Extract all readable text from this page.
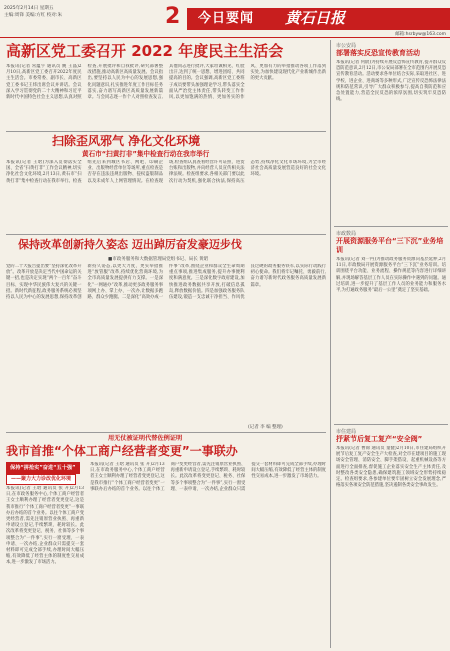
2025年2月14日 星期五
主编:周锋 美编:方红 校对:朱	2 今日要闻 黄石日报
邮箱:hsrbyw@163.com
高新区党工委召开 2022 年度民主生活会
本报讯(记者 常蕴宇 通讯员 姚 王晶)2月10日,高新区党工委召开2022年度民主生活会。市委常委、副市长、高新区党工委书记王炜出席会议并讲话。会议深入学习贯彻党的二十大精神和习近平新时代中国特色社会主义思想,认真对照检查,开展批评和自我批评,研究部署整改措施,推动高新区高质量发展。会议指出,要坚持以人民为中心的发展思想,强化问题意识,扎实推进年度工作目标任务落实,奋力谱写高新区高质量发展新篇章。与会同志逐一作个人对照检查发言,其他同志进行批评,大家坦诚相见、红脸出汗,达到了统一思想、增进团结、共同提高的目的。会议强调,高新区党工委班子成员要带头加强理论学习,带头落实全面从严治党主体责任,带头转变工作作风,以更加饱满的热情、更加务实的作风、更加有力的举措推动各项工作落到实处,为加快建设现代化产业新城作出新的更大贡献。
扫除歪风邪气 净化文化环境
黄石市“扫黄打非”集中检查行动在我市举行
本报讯(记者 王晗)为深入贯彻落实全国、全省“扫黄打非”工作会议精神,切实净化社会文化环境,2月13日,黄石市“扫黄打非”集中检查行动在我市举行。检查组先后来到城区书店、网吧、印刷企业、出版物经营单位等场所,重点检查是否存在违法违规出版物、侵权盗版制品以及未成年人上网管理情况。在检查现场,检查组认真查看经营许可证照、进货台账和出版物,并向经营人员宣传相关法律法规。检查组要求,各相关部门要以此次行动为契机,强化联合执法,保持高压态势,持续净化文化市场环境,为全市经济社会高质量发展营造良好的社会文化环境。
保持改革创新持久姿态 迈出踔厉奋发豪迈步伐
■市政务服务和大数据管理局党组书记、局长 黄昭
党的二十大报告提出要“坚持深化改革开放”。改革开放是决定当代中国命运的关键一招,也是决定实现“两个一百年”奋斗目标、实现中华民族伟大复兴的关键一招。新时代新征程,政务服务系统必须坚持以人民为中心的发展思想,保持改革创新持久姿态,以更大力度、更实举措推进“放管服”改革,持续优化营商环境,为全市高质量发展提供有力支撑。一是深化“一网通办”改革,推动更多政务服务事项网上办、掌上办、一次办,让数据多跑路、群众少跑腿。二是深化“高效办成一件事”改革,围绕企业和群众全生命周期重点事项,推进集成服务,提升办事便利度和满意度。三是深化数字政府建设,加快推进政务数据共享开放,打破信息孤岛,释放数据价值。四是加强政务服务队伍建设,锻造一支忠诚干净担当、作风优良过硬的政务服务铁军,以实际行动践行初心使命。我们将牢记嘱托、勇毅前行,奋力谱写新时代政务服务高质量发展新篇章。
(记者 李 编 整理)
用无仗被证明代替佐例证明
我市首推“个体工商户经营者变更”一事联办
保持“拼抢实”奋进“五十强”
——聚力大力诊改优化环境
本报讯(记者 王晗 通讯员 张 开)2月13日,在市政务服务中心,个体工商户经营者王女士顺利办理了经营者变更登记,这是我市推行“个体工商户经营者变更”一事联办后办结的首个业务。以往个体工商户变更经营者,需先注销原营业执照、再重新申请设立登记,手续繁琐、耗时较长。此次改革将变更登记、税务、社保等多个事项整合为“一件事”,实行一窗受理、一表申请、一次办结,企业群众只需提交一套材料即可完成全部手续,办理时间大幅压缩,有效降低了经营主体的制度性交易成本,进一步激发了市场活力。
本报讯(记者 王晗 通讯员 张 开)2月13日,在市政务服务中心,个体工商户经营者王女士顺利办理了经营者变更登记,这是我市推行“个体工商户经营者变更”一事联办后办结的首个业务。以往个体工商户变更经营者,需先注销原营业执照、再重新申请设立登记,手续繁琐、耗时较长。此次改革将变更登记、税务、社保等多个事项整合为“一件事”,实行一窗受理、一表申请、一次办结,企业群众只需提交一套材料即可完成全部手续,办理时间大幅压缩,有效降低了经营主体的制度性交易成本,进一步激发了市场活力。
市公安局
部署落实反恐宣传教育活动
本报讯(记者 何蔚)为持续开展反恐怖宣传教育,提升群众反恐防范意识,2月12日,市公安局部署在全市范围内开展反恐宣传教育活动。活动要求各单位结合实际,采取进社区、进学校、进企业、进商场等多种形式,广泛宣传反恐怖法律法规和防范常识,引导广大群众积极参与,提高自我防范和应急处置能力,营造全民反恐的浓厚氛围,切实筑牢反恐防线。
市政数局
开展资源服务平台“三下沉”业务培训
本报讯(记者 刘一冉)为推动政务服务资源向基层延伸,2月11日,市政数局开展资源服务平台“三下沉”业务培训。培训围绕平台功能、业务流程、操作规范等内容进行详细讲解,并现场解答基层工作人员在实际操作中遇到的问题。通过培训,进一步提升了基层工作人员的业务能力和服务水平,为打通政务服务“最后一公里”奠定了坚实基础。
市住建局
抒紧节后复工复产“安全阀”
本报讯(记者 曹锦 通讯员 童健)2月10日,市住建局组织开展节后复工复产安全生产大检查,对全市在建项目的施工现场安全管理、消防安全、脚手架搭设、起重机械设备等方面进行全面排查,督促施工企业落实安全生产主体责任,及时整改各类安全隐患,确保建筑施工领域安全形势持续稳定。检查组要求,各参建单位要牢固树立安全发展理念,严格落实各项安全防范措施,坚决遏制各类安全事故发生。
